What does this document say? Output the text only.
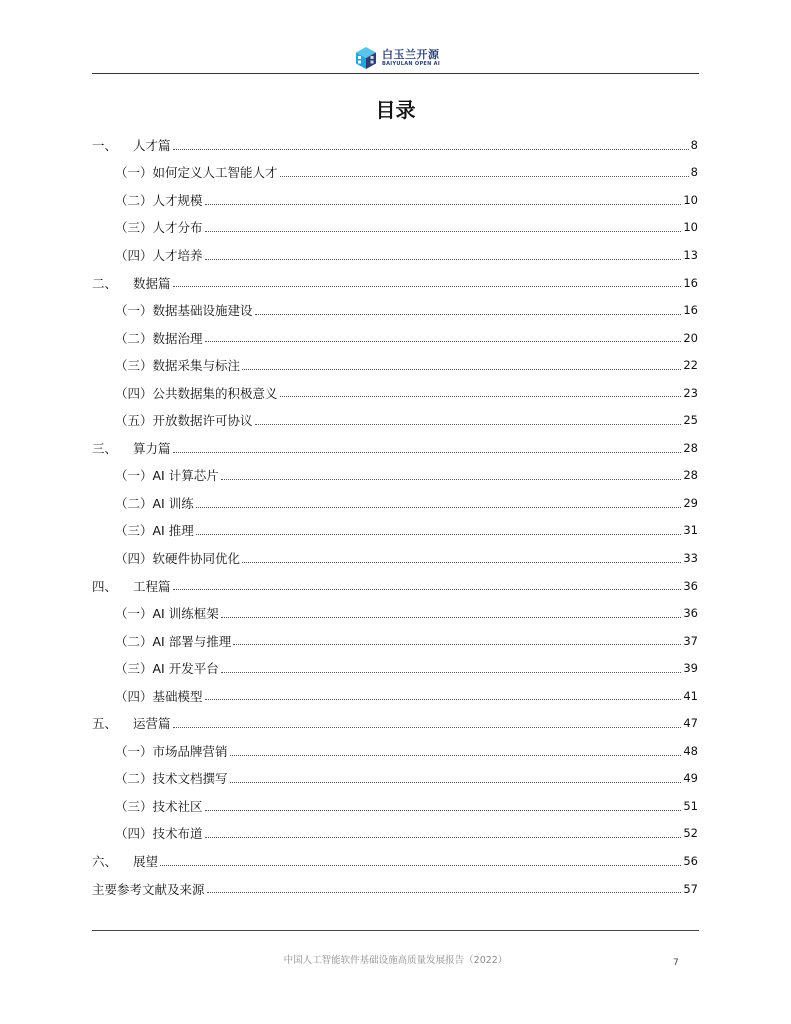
白玉兰开源
BAIYULAN OPEN AI
目录
一、	人才篇	8
（一）如何定义人工智能人才	8
（二）人才规模	10
（三）人才分布	10
（四）人才培养	13
二、	数据篇	16
（一）数据基础设施建设	16
（二）数据治理	20
（三）数据采集与标注	22
（四）公共数据集的积极意义	23
（五）开放数据许可协议	25
三、	算力篇	28
（一）AI 计算芯片	28
（二）AI 训练	29
（三）AI 推理	31
（四）软硬件协同优化	33
四、	工程篇	36
（一）AI 训练框架	36
（二）AI 部署与推理	37
（三）AI 开发平台	39
（四）基础模型	41
五、	运营篇	47
（一）市场品牌营销	48
（二）技术文档撰写	49
（三）技术社区	51
（四）技术布道	52
六、	展望	56
主要参考文献及来源	57
中国人工智能软件基础设施高质量发展报告（2022）	7
